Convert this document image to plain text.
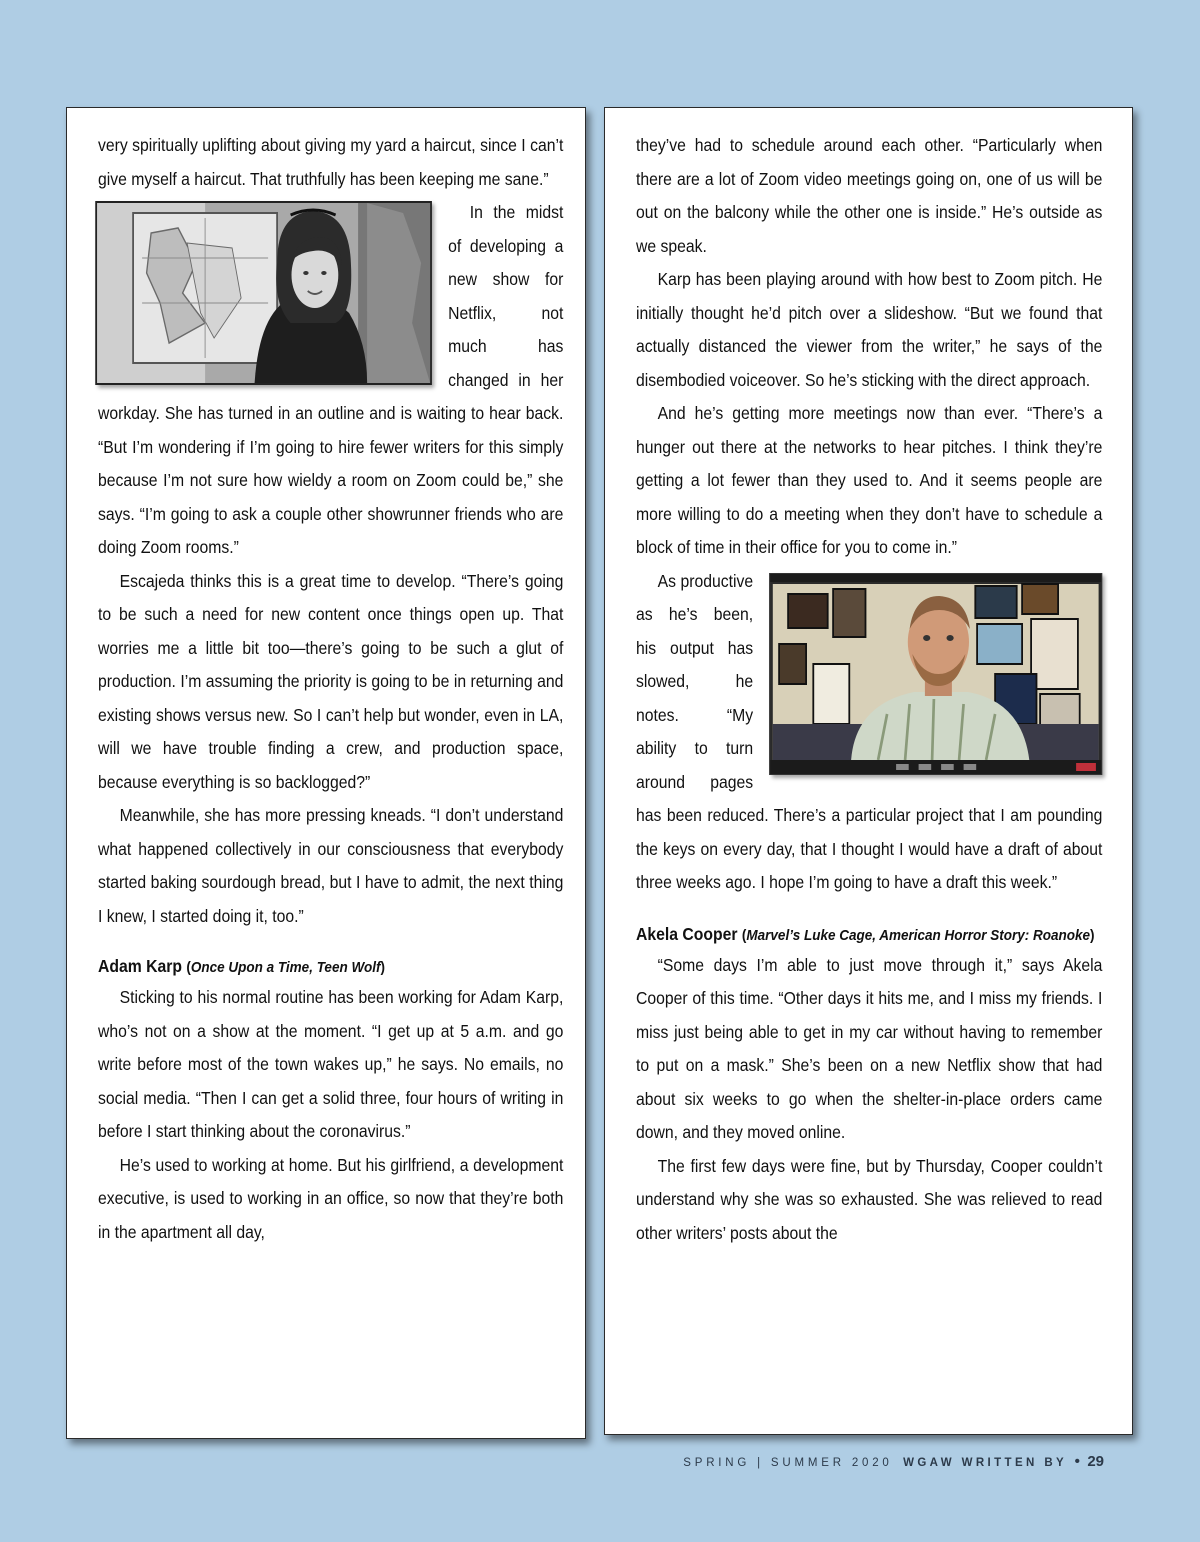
very spiritually uplifting about giving my yard a haircut, since I can’t give myself a haircut. That truthfully has been keeping me sane.”

In the midst of developing a new show for Netflix, not much has changed in her workday. She has turned in an outline and is waiting to hear back. “But I’m wondering if I’m going to hire fewer writers for this simply because I’m not sure how wieldy a room on Zoom could be,” she says. “I’m going to ask a couple other showrunner friends who are doing Zoom rooms.”

Escajeda thinks this is a great time to develop. “There’s going to be such a need for new content once things open up. That worries me a little bit too—there’s going to be such a glut of production. I’m assuming the priority is going to be in returning and existing shows versus new. So I can’t help but wonder, even in LA, will we have trouble finding a crew, and production space, because everything is so backlogged?”

Meanwhile, she has more pressing kneads. “I don’t understand what happened collectively in our consciousness that everybody started baking sourdough bread, but I have to admit, the next thing I knew, I started doing it, too.”

Adam Karp (Once Upon a Time, Teen Wolf)

Sticking to his normal routine has been working for Adam Karp, who’s not on a show at the moment. “I get up at 5 a.m. and go write before most of the town wakes up,” he says. No emails, no social media. “Then I can get a solid three, four hours of writing in before I start thinking about the coronavirus.”

He’s used to working at home. But his girlfriend, a development executive, is used to working in an office, so now that they’re both in the apartment all day,

they’ve had to schedule around each other. “Particularly when there are a lot of Zoom video meetings going on, one of us will be out on the balcony while the other one is inside.” He’s outside as we speak.

Karp has been playing around with how best to Zoom pitch. He initially thought he’d pitch over a slideshow. “But we found that actually distanced the viewer from the writer,” he says of the disembodied voiceover. So he’s sticking with the direct approach.

And he’s getting more meetings now than ever. “There’s a hunger out there at the networks to hear pitches. I think they’re getting a lot fewer than they used to. And it seems people are more willing to do a meeting when they don’t have to schedule a block of time in their office for you to come in.”

As productive as he’s been, his output has slowed, he notes. “My ability to turn around pages has been reduced. There’s a particular project that I am pounding the keys on every day, that I thought I would have a draft of about three weeks ago. I hope I’m going to have a draft this week.”

Akela Cooper (Marvel’s Luke Cage, American Horror Story: Roanoke)

“Some days I’m able to just move through it,” says Akela Cooper of this time. “Other days it hits me, and I miss my friends. I miss just being able to get in my car without having to remember to put on a mask.” She’s been on a new Netflix show that had about six weeks to go when the shelter-in-place orders came down, and they moved online.

The first few days were fine, but by Thursday, Cooper couldn’t understand why she was so exhausted. She was relieved to read other writers’ posts about the

SPRING | SUMMER 2020 WGAW WRITTEN BY • 29
